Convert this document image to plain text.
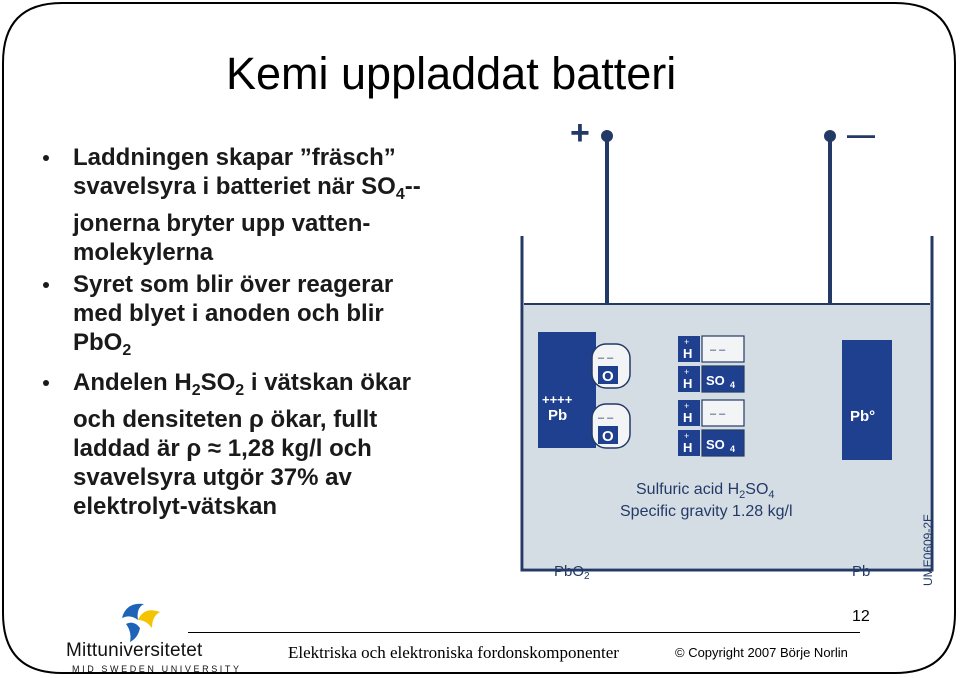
Kemi uppladdat batteri
Laddningen skapar ”fräsch”
svavelsyra i batteriet när $SO_4--$
jonerna bryter upp vatten-
molekylerna
Syret som blir över reagerar
med blyet i anoden och blir
PbO$_2$
Andelen $H_2SO_2$ i vätskan ökar
och densiteten ρ ökar, fullt
laddad är ρ ≈ 1,28 kg/l och
svavelsyra utgör 37% av
elektrolyt-vätskan
+	—
++++
Pb
– –
O
– –
O
+
H – –
+
H SO 4
+
H – –
+
H SO 4
Pb°
Sulfuric acid $H_2SO_4$
Specific gravity 1.28 kg/l
PbO$_2$	Pb	UME0609-2E
12
Elektriska och elektroniska fordonskomponenter	© Copyright 2007 Börje Norlin
Mittuniversitetet
MID SWEDEN UNIVERSITY
